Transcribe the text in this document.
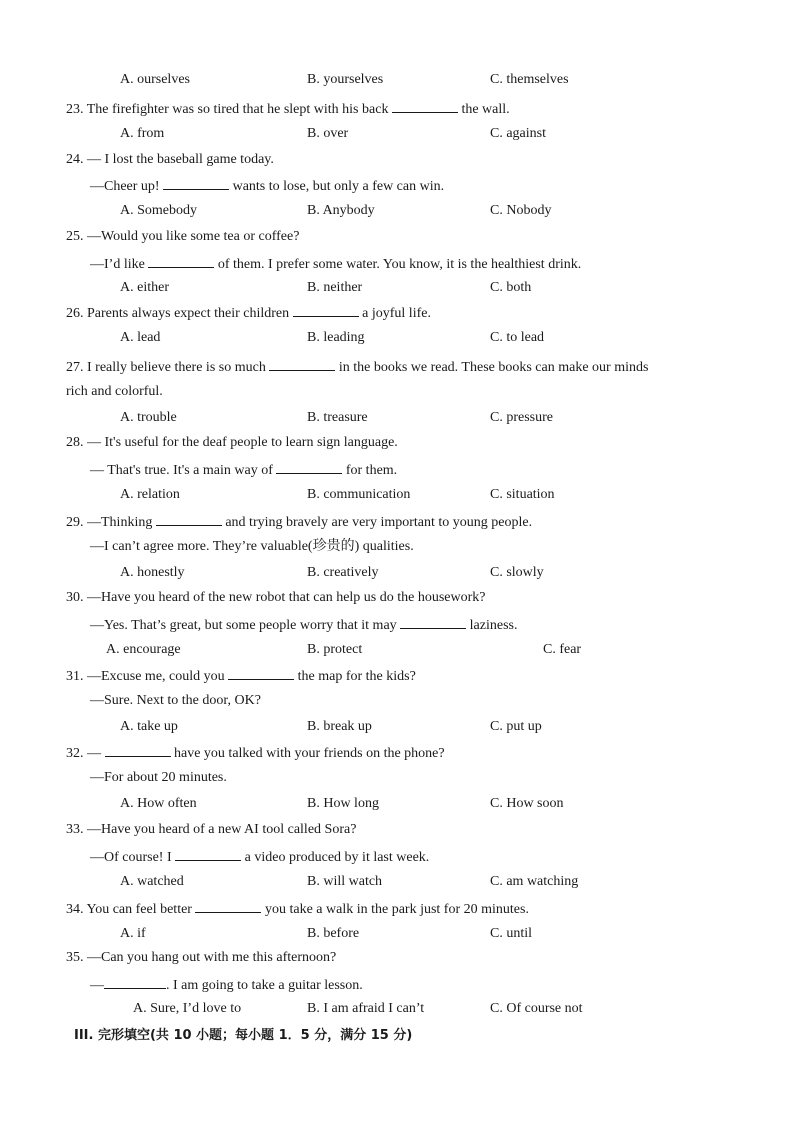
A. ourselves	B. yourselves	C. themselves
23. The firefighter was so tired that he slept with his back	the wall.
A. from	B. over	C. against
24. — I lost the baseball game today.
—Cheer up!	wants to lose, but only a few can win.
A. Somebody	B. Anybody	C. Nobody
25. —Would you like some tea or coffee?
—I’d like	of them. I prefer some water. You know, it is the healthiest drink.
A. either	B. neither	C. both
26. Parents always expect their children	a joyful life.
A. lead	B. leading	C. to lead
27. I really believe there is so much	in the books we read. These books can make our minds
rich and colorful.
A. trouble	B. treasure	C. pressure
28. — It's useful for the deaf people to learn sign language.
— That's true. It's a main way of	for them.
A. relation	B. communication	C. situation
29. —Thinking	and trying bravely are very important to young people.
—I can’t agree more. They’re valuable(珍贵的) qualities.
A. honestly	B. creatively	C. slowly
30. —Have you heard of the new robot that can help us do the housework?
—Yes. That’s great, but some people worry that it may	laziness.
A. encourage	B. protect	C. fear
31. —Excuse me, could you	the map for the kids?
—Sure. Next to the door, OK?
A. take up	B. break up	C. put up
32. —	have you talked with your friends on the phone?
—For about 20 minutes.
A. How often	B. How long	C. How soon
33. —Have you heard of a new AI tool called Sora?
—Of course! I	a video produced by it last week.
A. watched	B. will watch	C. am watching
34. You can feel better	you take a walk in the park just for 20 minutes.
A. if	B. before	C. until
35. —Can you hang out with me this afternoon?
—	. I am going to take a guitar lesson.
A. Sure, I’d love to	B. I am afraid I can’t	C. Of course not
III. 完形填空(共 10 小题；每小题 1．5 分，满分 15 分)
